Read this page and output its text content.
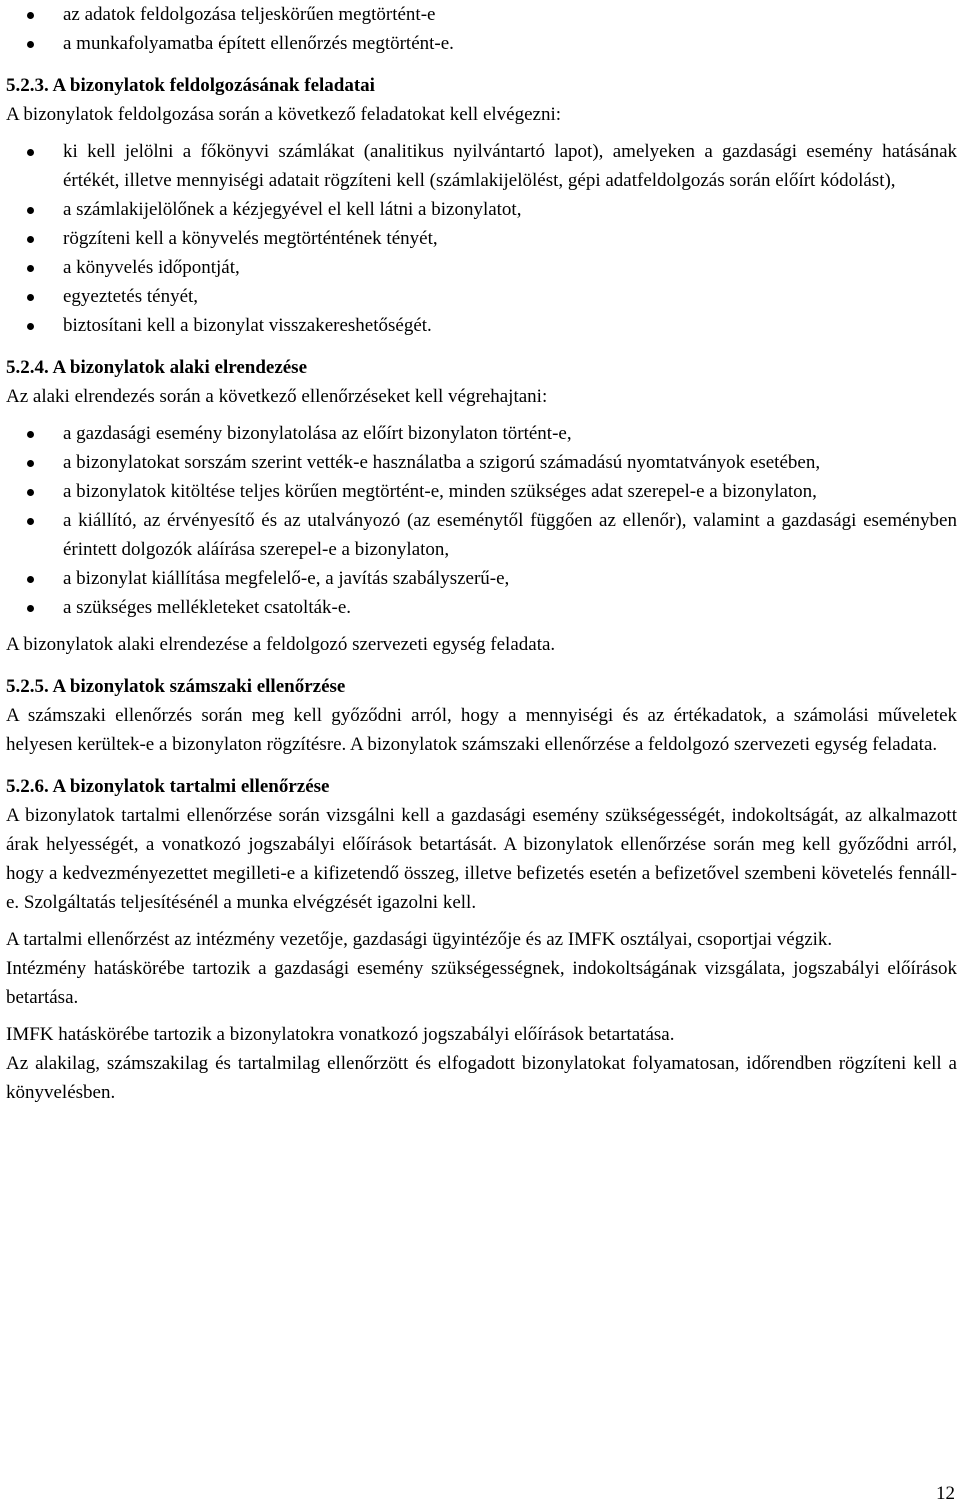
az adatok feldolgozása teljeskörűen megtörtént-e
a munkafolyamatba épített ellenőrzés megtörtént-e.
5.2.3. A bizonylatok feldolgozásának feladatai

A bizonylatok feldolgozása során a következő feladatokat kell elvégezni:

ki kell jelölni a főkönyvi számlákat (analitikus nyilvántartó lapot), amelyeken a gazdasági esemény hatásának értékét, illetve mennyiségi adatait rögzíteni kell (számlakijelölést, gépi adatfeldolgozás során előírt kódolást),
a számlakijelölőnek a kézjegyével el kell látni a bizonylatot,
rögzíteni kell a könyvelés megtörténtének tényét,
a könyvelés időpontját,
egyeztetés tényét,
biztosítani kell a bizonylat visszakereshetőségét.
5.2.4. A bizonylatok alaki elrendezése

Az alaki elrendezés során a következő ellenőrzéseket kell végrehajtani:

a gazdasági esemény bizonylatolása az előírt bizonylaton történt-e,
a bizonylatokat sorszám szerint vették-e használatba a szigorú számadású nyomtatványok esetében,
a bizonylatok kitöltése teljes körűen megtörtént-e, minden szükséges adat szerepel-e a bizonylaton,
a kiállító, az érvényesítő és az utalványozó (az eseménytől függően az ellenőr), valamint a gazdasági eseményben érintett dolgozók aláírása szerepel-e a bizonylaton,
a bizonylat kiállítása megfelelő-e, a javítás szabályszerű-e,
a szükséges mellékleteket csatolták-e.

A bizonylatok alaki elrendezése a feldolgozó szervezeti egység feladata.

5.2.5. A bizonylatok számszaki ellenőrzése

A számszaki ellenőrzés során meg kell győződni arról, hogy a mennyiségi és az értékadatok, a számolási műveletek helyesen kerültek-e a bizonylaton rögzítésre. A bizonylatok számszaki ellenőrzése a feldolgozó szervezeti egység feladata.

5.2.6. A bizonylatok tartalmi ellenőrzése

A bizonylatok tartalmi ellenőrzése során vizsgálni kell a gazdasági esemény szükségességét, indokoltságát, az alkalmazott árak helyességét, a vonatkozó jogszabályi előírások betartását. A bizonylatok ellenőrzése során meg kell győződni arról, hogy a kedvezményezettet megilleti-e a kifizetendő összeg, illetve befizetés esetén a befizetővel szembeni követelés fennáll-e. Szolgáltatás teljesítésénél a munka elvégzését igazolni kell.

A tartalmi ellenőrzést az intézmény vezetője, gazdasági ügyintézője és az IMFK osztályai, csoportjai végzik.

Intézmény hatáskörébe tartozik a gazdasági esemény szükségességnek, indokoltságának vizsgálata, jogszabályi előírások betartása.

IMFK hatáskörébe tartozik a bizonylatokra vonatkozó jogszabályi előírások betartatása.

Az alakilag, számszakilag és tartalmilag ellenőrzött és elfogadott bizonylatokat folyamatosan, időrendben rögzíteni kell a könyvelésben.

12
